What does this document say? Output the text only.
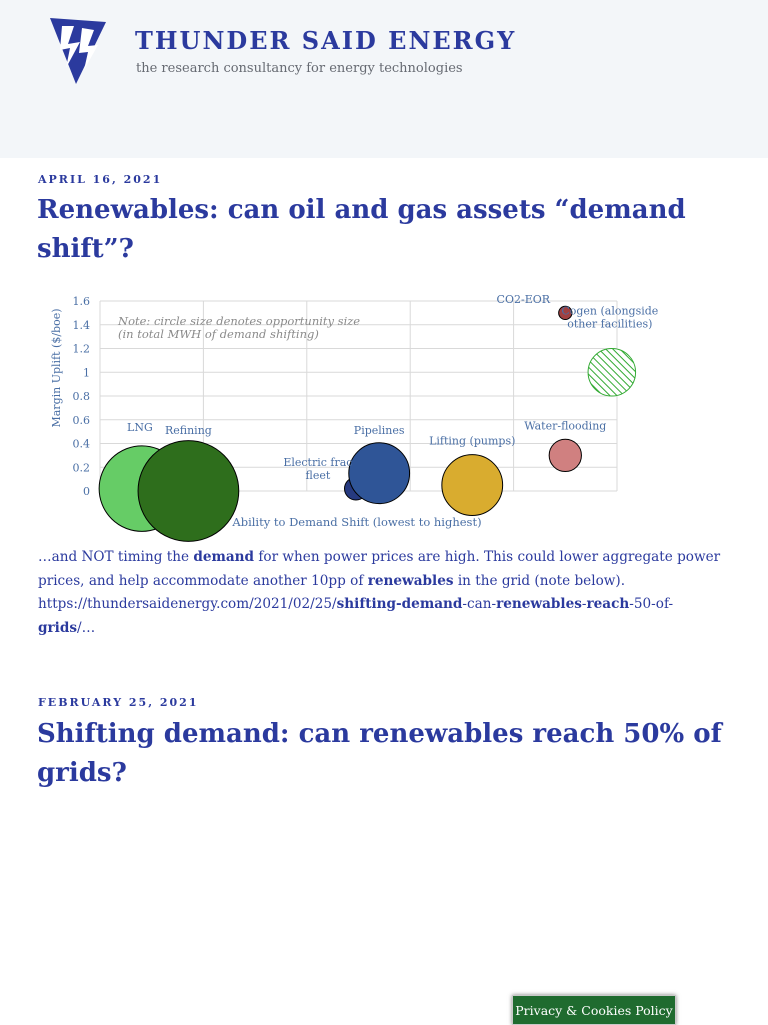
THUNDER SAID ENERGY
the research consultancy for energy technologies
APRIL 16, 2021
Renewables: can oil and gas assets “demand
shift”?
0
0.2
0.4
0.6
0.8
1
1.2
1.4
1.6
Note: circle size denotes opportunity size
(in total MWH of demand shifting)
LNG Refining
Electric frac
fleet
Pipelines
Lifting (pumps)
Water-flooding
CO2-EOR
Cogen (alongside
other facilities)
Ability to Demand Shift (lowest to highest)
Margin Uplift ($/boe)

…and NOT timing the demand for when power prices are high. This could lower aggregate power prices, and help accommodate another 10pp of renewables in the grid (note below). https://thundersaidenergy.com/2021/02/25/shifting-demand-can-renewables-reach-50-of-grids/…

FEBRUARY 25, 2021
Shifting demand: can renewables reach 50% of
grids?
Privacy & Cookies Policy
